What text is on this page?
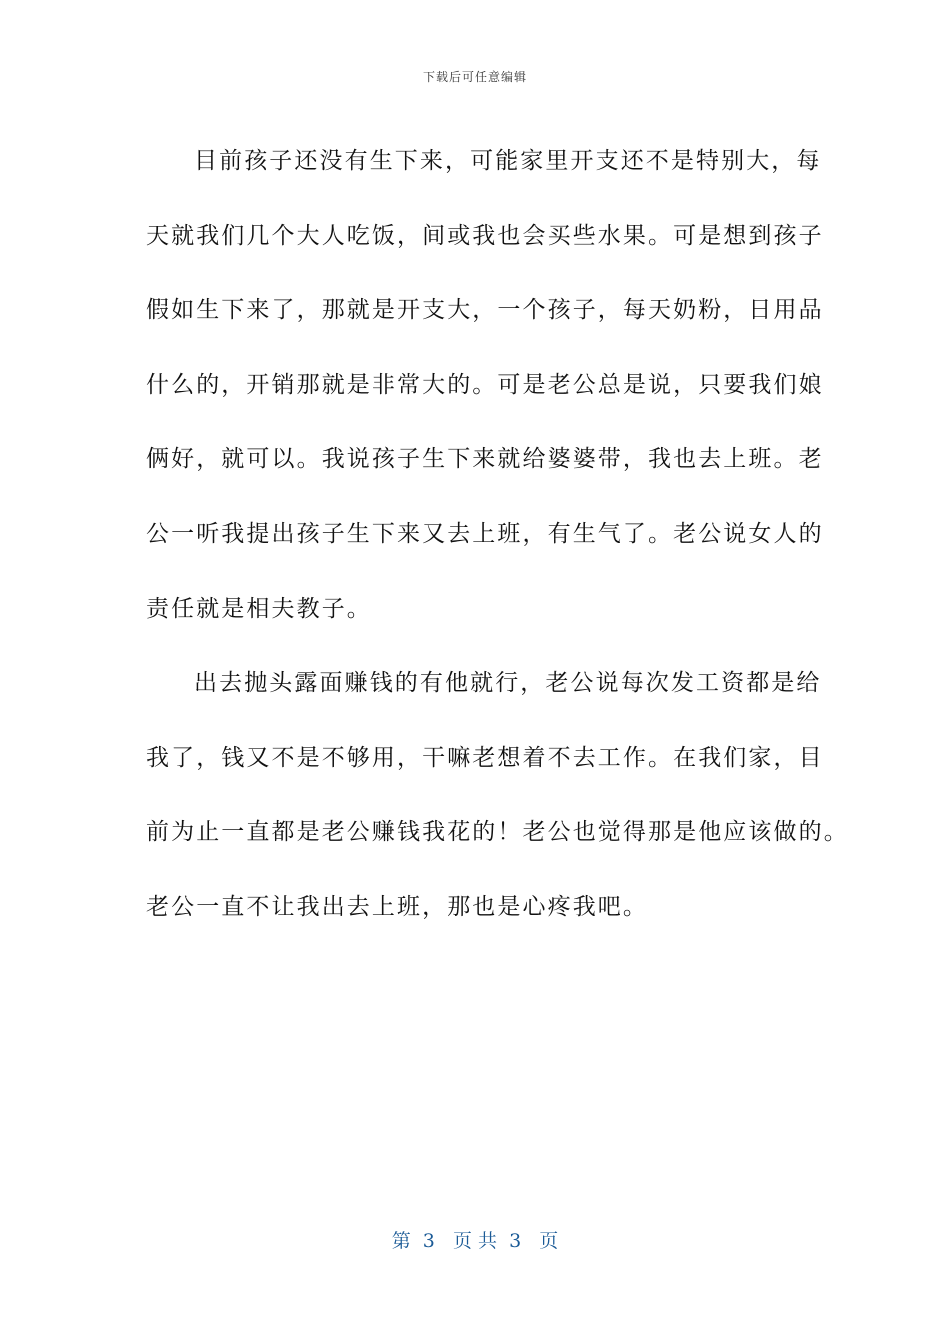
下载后可任意编辑
目前孩子还没有生下来，可能家里开支还不是特别大，每
天就我们几个大人吃饭，间或我也会买些水果。可是想到孩子
假如生下来了，那就是开支大，一个孩子，每天奶粉，日用品
什么的，开销那就是非常大的。可是老公总是说，只要我们娘
俩好，就可以。我说孩子生下来就给婆婆带，我也去上班。老
公一听我提出孩子生下来又去上班，有生气了。老公说女人的
责任就是相夫教子。
出去抛头露面赚钱的有他就行，老公说每次发工资都是给
我了，钱又不是不够用，干嘛老想着不去工作。在我们家，目
前为止一直都是老公赚钱我花的！老公也觉得那是他应该做的。
老公一直不让我出去上班，那也是心疼我吧。
第  3   页 共  3   页
